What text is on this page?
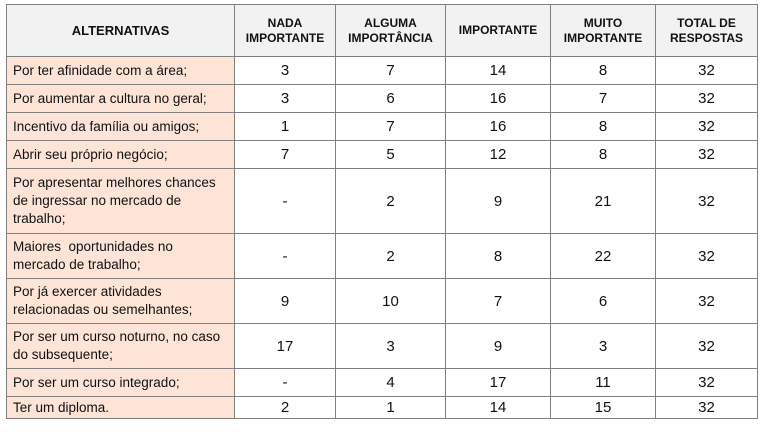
ALTERNATIVAS	NADA IMPORTANTE	ALGUMA IMPORTÂNCIA	IMPORTANTE	MUITO IMPORTANTE	TOTAL DE RESPOSTAS
Por ter afinidade com a área;	3	7	14	8	32
Por aumentar a cultura no geral;	3	6	16	7	32
Incentivo da família ou amigos;	1	7	16	8	32
Abrir seu próprio negócio;	7	5	12	8	32
Por apresentar melhores chances de ingressar no mercado de trabalho;	-	2	9	21	32
Maiores  oportunidades no mercado de trabalho;	-	2	8	22	32
Por já exercer atividades relacionadas ou semelhantes;	9	10	7	6	32
Por ser um curso noturno, no caso do subsequente;	17	3	9	3	32
Por ser um curso integrado;	-	4	17	11	32
Ter um diploma.	2	1	14	15	32
